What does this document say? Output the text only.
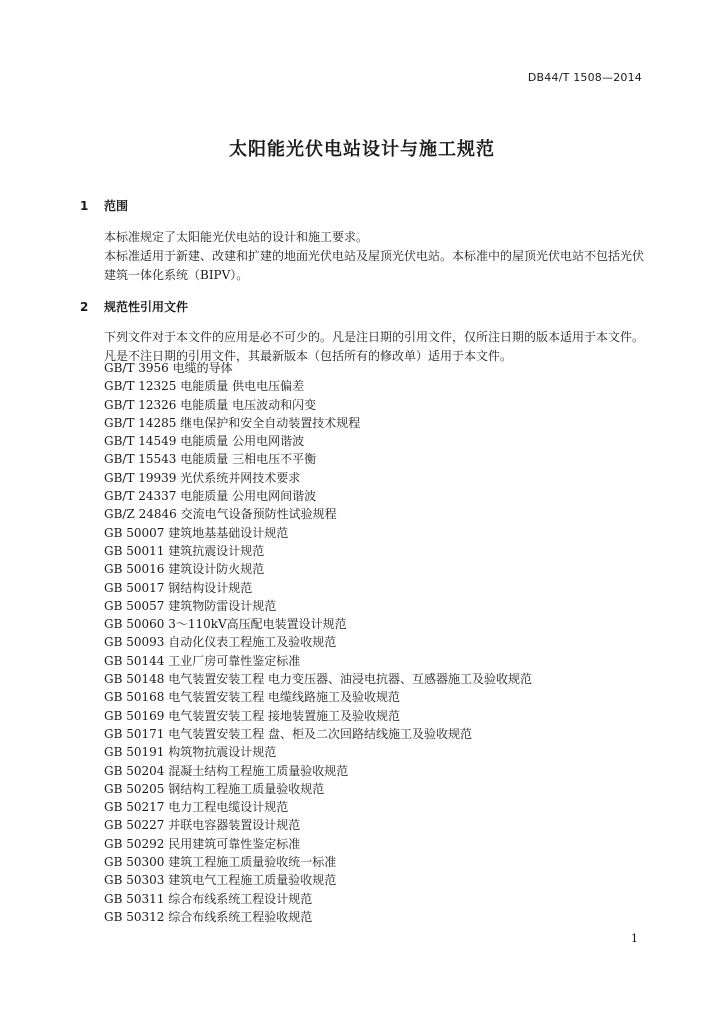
DB44/T 1508—2014
太阳能光伏电站设计与施工规范
1 范围
本标准规定了太阳能光伏电站的设计和施工要求。
本标准适用于新建、改建和扩建的地面光伏电站及屋顶光伏电站。本标准中的屋顶光伏电站不包括光伏建筑一体化系统（BIPV）。
2 规范性引用文件
下列文件对于本文件的应用是必不可少的。凡是注日期的引用文件，仅所注日期的版本适用于本文件。凡是不注日期的引用文件，其最新版本（包括所有的修改单）适用于本文件。
GB/T 3956 电缆的导体
GB/T 12325 电能质量 供电电压偏差
GB/T 12326 电能质量 电压波动和闪变
GB/T 14285 继电保护和安全自动装置技术规程
GB/T 14549 电能质量 公用电网谐波
GB/T 15543 电能质量 三相电压不平衡
GB/T 19939 光伏系统并网技术要求
GB/T 24337 电能质量 公用电网间谐波
GB/Z 24846 交流电气设备预防性试验规程
GB 50007 建筑地基基础设计规范
GB 50011 建筑抗震设计规范
GB 50016 建筑设计防火规范
GB 50017 钢结构设计规范
GB 50057 建筑物防雷设计规范
GB 50060 3～110kV高压配电装置设计规范
GB 50093 自动化仪表工程施工及验收规范
GB 50144 工业厂房可靠性鉴定标准
GB 50148 电气装置安装工程 电力变压器、油浸电抗器、互感器施工及验收规范
GB 50168 电气装置安装工程 电缆线路施工及验收规范
GB 50169 电气装置安装工程 接地装置施工及验收规范
GB 50171 电气装置安装工程 盘、柜及二次回路结线施工及验收规范
GB 50191 构筑物抗震设计规范
GB 50204 混凝土结构工程施工质量验收规范
GB 50205 钢结构工程施工质量验收规范
GB 50217 电力工程电缆设计规范
GB 50227 并联电容器装置设计规范
GB 50292 民用建筑可靠性鉴定标准
GB 50300 建筑工程施工质量验收统一标准
GB 50303 建筑电气工程施工质量验收规范
GB 50311 综合布线系统工程设计规范
GB 50312 综合布线系统工程验收规范
1
